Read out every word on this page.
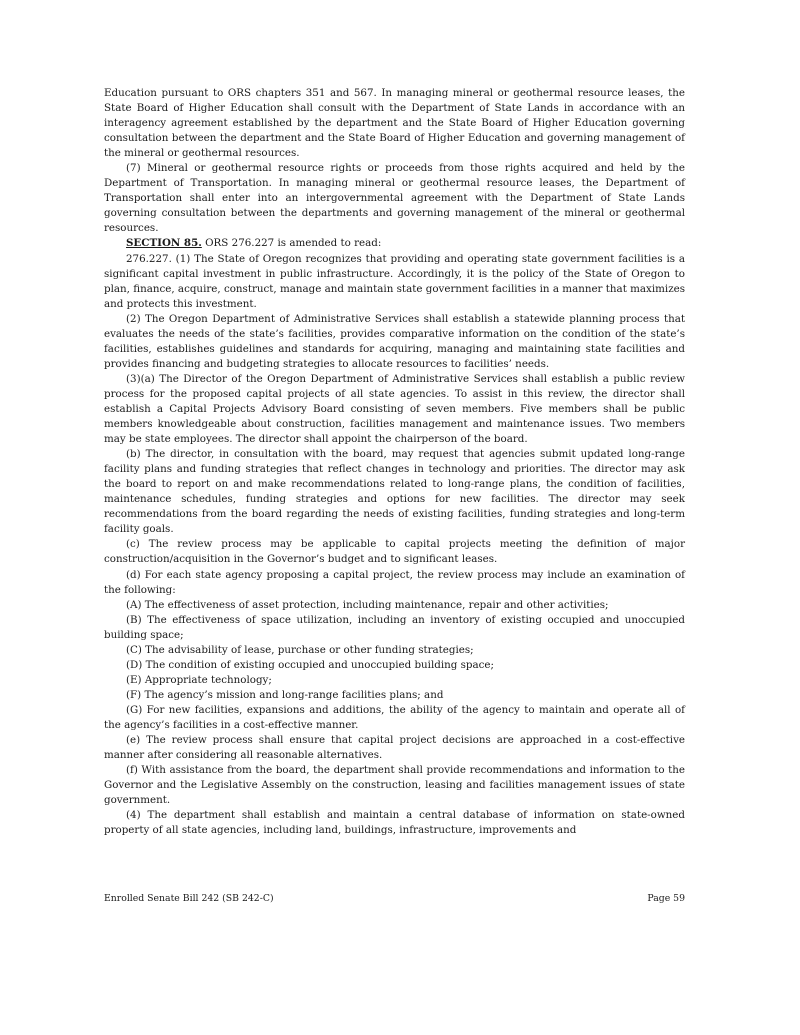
Education pursuant to ORS chapters 351 and 567. In managing mineral or geothermal resource leases, the State Board of Higher Education shall consult with the Department of State Lands in accordance with an interagency agreement established by the department and the State Board of Higher Education governing consultation between the department and the State Board of Higher Education and governing management of the mineral or geothermal resources.

(7) Mineral or geothermal resource rights or proceeds from those rights acquired and held by the Department of Transportation. In managing mineral or geothermal resource leases, the Department of Transportation shall enter into an intergovernmental agreement with the Department of State Lands governing consultation between the departments and governing management of the mineral or geothermal resources.

SECTION 85. ORS 276.227 is amended to read:

276.227. (1) The State of Oregon recognizes that providing and operating state government facilities is a significant capital investment in public infrastructure. Accordingly, it is the policy of the State of Oregon to plan, finance, acquire, construct, manage and maintain state government facilities in a manner that maximizes and protects this investment.

(2) The Oregon Department of Administrative Services shall establish a statewide planning process that evaluates the needs of the state’s facilities, provides comparative information on the condition of the state’s facilities, establishes guidelines and standards for acquiring, managing and maintaining state facilities and provides financing and budgeting strategies to allocate resources to facilities’ needs.

(3)(a) The Director of the Oregon Department of Administrative Services shall establish a public review process for the proposed capital projects of all state agencies. To assist in this review, the director shall establish a Capital Projects Advisory Board consisting of seven members. Five members shall be public members knowledgeable about construction, facilities management and maintenance issues. Two members may be state employees. The director shall appoint the chairperson of the board.

(b) The director, in consultation with the board, may request that agencies submit updated long-range facility plans and funding strategies that reflect changes in technology and priorities. The director may ask the board to report on and make recommendations related to long-range plans, the condition of facilities, maintenance schedules, funding strategies and options for new facilities. The director may seek recommendations from the board regarding the needs of existing facilities, funding strategies and long-term facility goals.

(c) The review process may be applicable to capital projects meeting the definition of major construction/acquisition in the Governor’s budget and to significant leases.

(d) For each state agency proposing a capital project, the review process may include an examination of the following:

(A) The effectiveness of asset protection, including maintenance, repair and other activities;

(B) The effectiveness of space utilization, including an inventory of existing occupied and unoccupied building space;

(C) The advisability of lease, purchase or other funding strategies;

(D) The condition of existing occupied and unoccupied building space;

(E) Appropriate technology;

(F) The agency’s mission and long-range facilities plans; and

(G) For new facilities, expansions and additions, the ability of the agency to maintain and operate all of the agency’s facilities in a cost-effective manner.

(e) The review process shall ensure that capital project decisions are approached in a cost-effective manner after considering all reasonable alternatives.

(f) With assistance from the board, the department shall provide recommendations and information to the Governor and the Legislative Assembly on the construction, leasing and facilities management issues of state government.

(4) The department shall establish and maintain a central database of information on state-owned property of all state agencies, including land, buildings, infrastructure, improvements and

Enrolled Senate Bill 242 (SB 242-C)	Page 59
